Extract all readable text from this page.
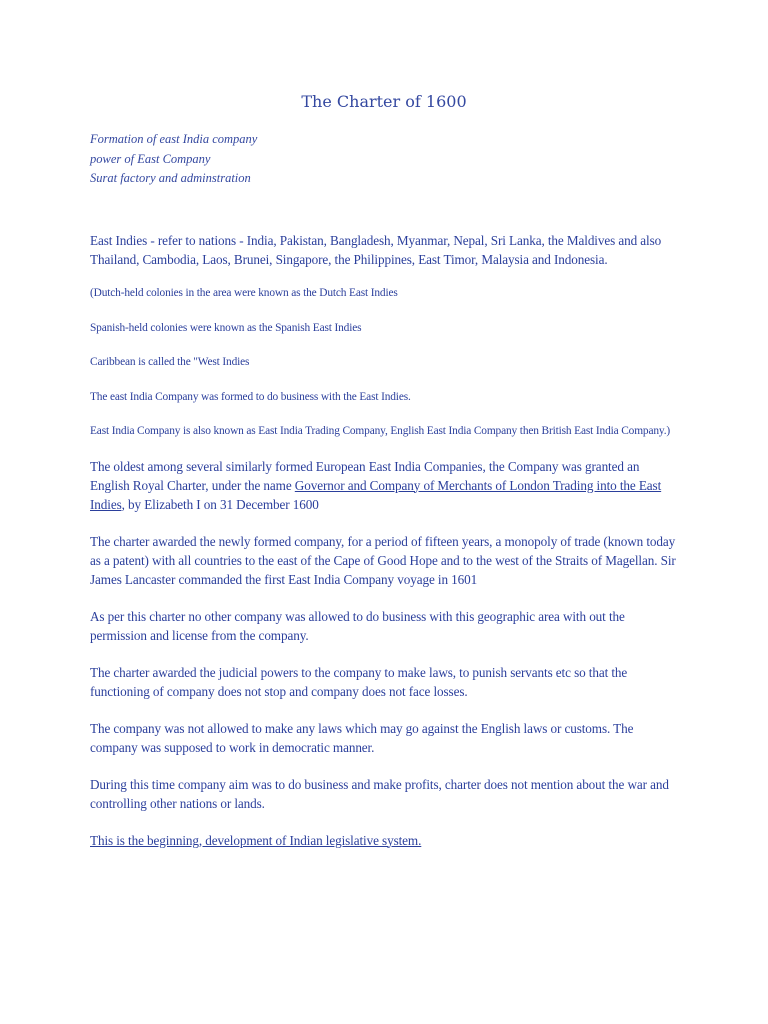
The Charter of 1600
Formation of east India company
power of East Company
Surat factory and adminstration

East Indies - refer to nations - India, Pakistan, Bangladesh, Myanmar, Nepal, Sri Lanka, the Maldives and also Thailand, Cambodia, Laos, Brunei, Singapore, the Philippines, East Timor, Malaysia and Indonesia.

(Dutch-held colonies in the area were known as the Dutch East Indies

Spanish-held colonies were known as the Spanish East Indies

Caribbean is called the "West Indies

The east India Company was formed to do business with the East Indies.

East India Company is also known as East India Trading Company, English East India Company then British East India Company.)

The oldest among several similarly formed European East India Companies, the Company was granted an English Royal Charter, under the name Governor and Company of Merchants of London Trading into the East Indies, by Elizabeth I on 31 December 1600

The charter awarded the newly formed company, for a period of fifteen years, a monopoly of trade (known today as a patent) with all countries to the east of the Cape of Good Hope and to the west of the Straits of Magellan. Sir James Lancaster commanded the first East India Company voyage in 1601

As per this charter no other company was allowed to do business with this geographic area with out the permission and license from the company.

The charter awarded the judicial powers to the company to make laws, to punish servants etc so that the functioning of company does not stop and company does not face losses.

The company was not allowed to make any laws which may go against the English laws or customs. The company was supposed to work in democratic manner.

During this time company aim was to do business and make profits, charter does not mention about the war and controlling other nations or lands.

This is the beginning, development of Indian legislative system.
